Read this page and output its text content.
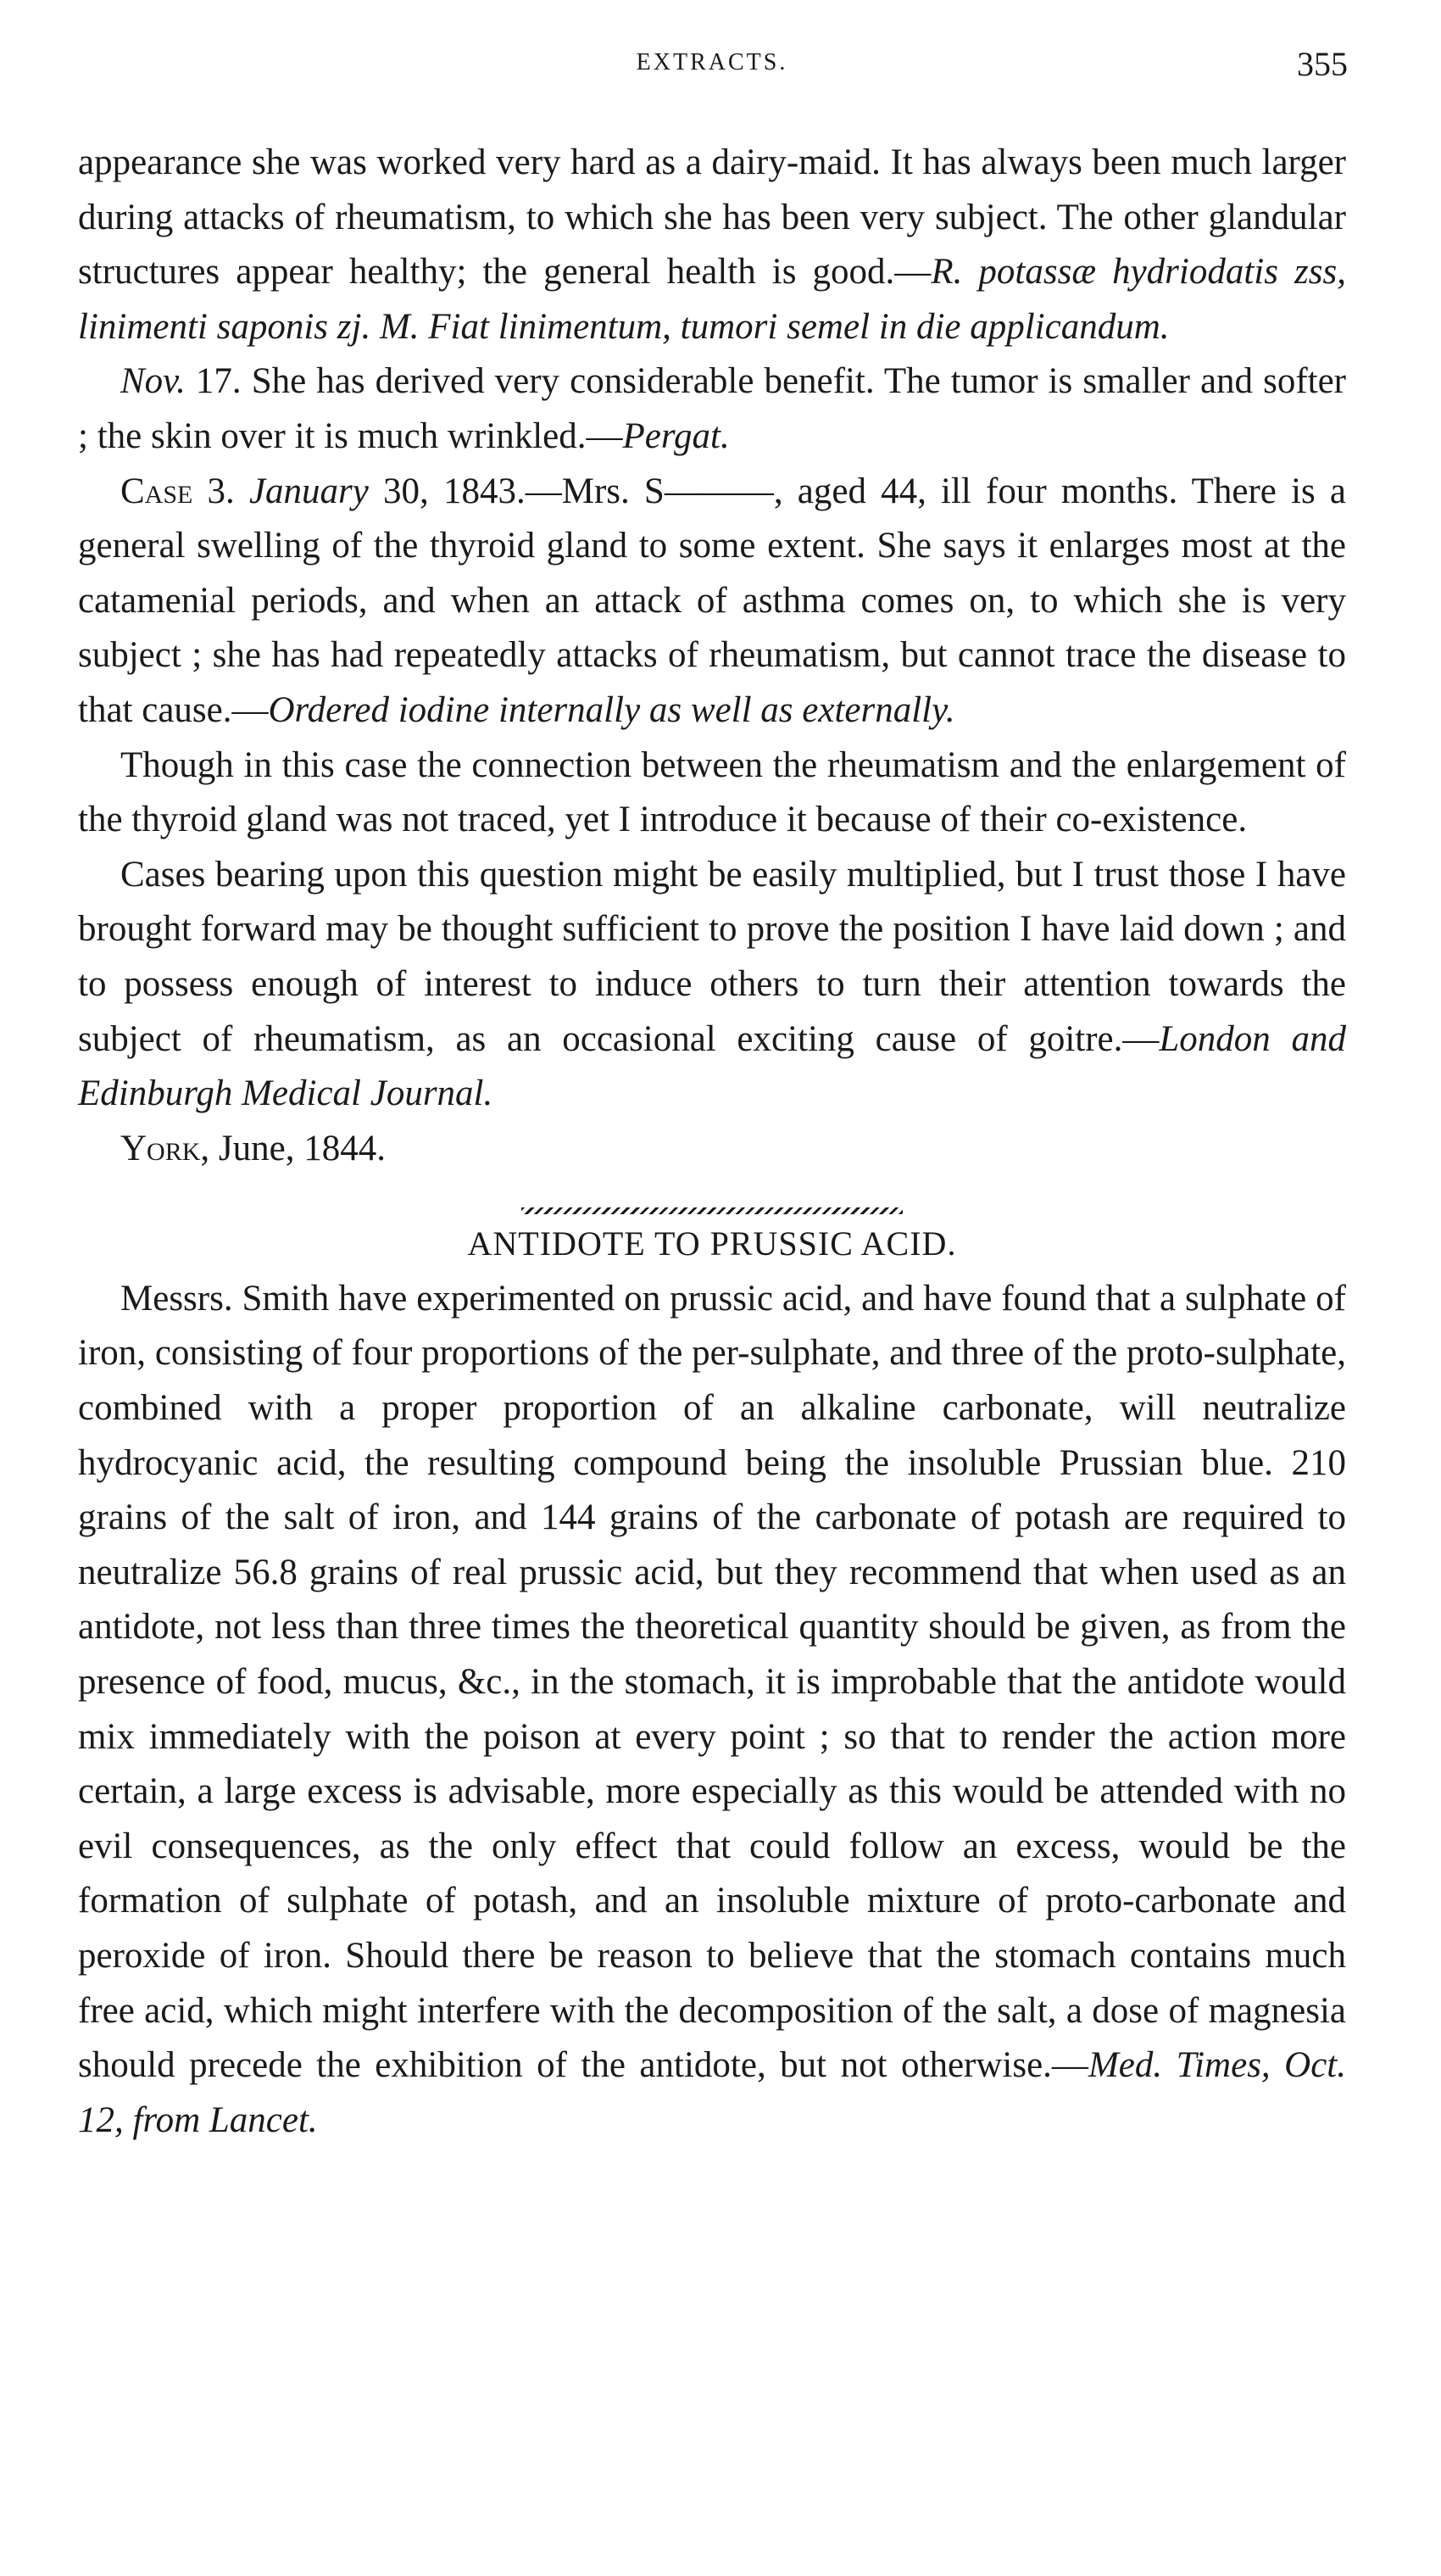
EXTRACTS.	355

appearance she was worked very hard as a dairy-maid. It has always been much larger during attacks of rheumatism, to which she has been very subject. The other glandular structures appear healthy; the general health is good.—R. potassæ hydriodatis zss, linimenti saponis zj. M. Fiat linimentum, tumori semel in die applicandum.

Nov. 17. She has derived very considerable benefit. The tumor is smaller and softer ; the skin over it is much wrinkled.—Pergat.

Case 3. January 30, 1843.—Mrs. S———, aged 44, ill four months. There is a general swelling of the thyroid gland to some extent. She says it enlarges most at the catamenial periods, and when an attack of asthma comes on, to which she is very subject ; she has had repeatedly attacks of rheumatism, but cannot trace the disease to that cause.—Ordered iodine internally as well as externally.

Though in this case the connection between the rheumatism and the enlargement of the thyroid gland was not traced, yet I introduce it because of their co-existence.

Cases bearing upon this question might be easily multiplied, but I trust those I have brought forward may be thought sufficient to prove the position I have laid down ; and to possess enough of interest to induce others to turn their attention towards the subject of rheumatism, as an occasional exciting cause of goitre.—London and Edinburgh Medical Journal.

York, June, 1844.

ANTIDOTE TO PRUSSIC ACID.

Messrs. Smith have experimented on prussic acid, and have found that a sulphate of iron, consisting of four proportions of the per-sulphate, and three of the proto-sulphate, combined with a proper proportion of an alkaline carbonate, will neutralize hydrocyanic acid, the resulting compound being the insoluble Prussian blue. 210 grains of the salt of iron, and 144 grains of the carbonate of potash are required to neutralize 56.8 grains of real prussic acid, but they recommend that when used as an antidote, not less than three times the theoretical quantity should be given, as from the presence of food, mucus, &c., in the stomach, it is improbable that the antidote would mix immediately with the poison at every point ; so that to render the action more certain, a large excess is advisable, more especially as this would be attended with no evil consequences, as the only effect that could follow an excess, would be the formation of sulphate of potash, and an insoluble mixture of proto-carbonate and peroxide of iron. Should there be reason to believe that the stomach contains much free acid, which might interfere with the decomposition of the salt, a dose of magnesia should precede the exhibition of the antidote, but not otherwise.—Med. Times, Oct. 12, from Lancet.
